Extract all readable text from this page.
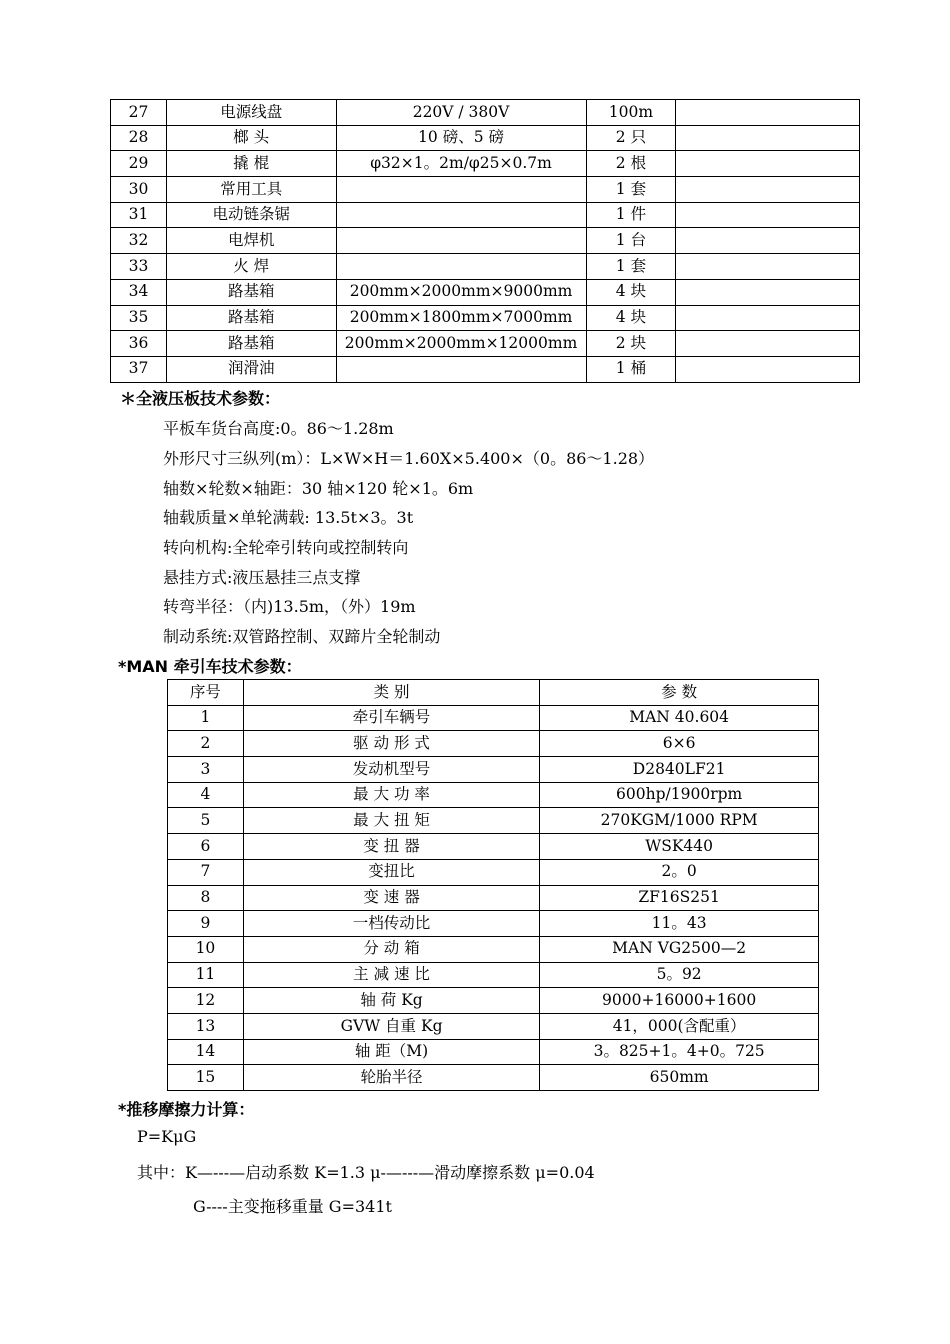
27	电源线盘	220V / 380V	100m	
28	榔 头	10 磅、5 磅	2 只	
29	撬 棍	φ32×1。2m/φ25×0.7m	2 根	
30	常用工具		1 套	
31	电动链条锯		1 件	
32	电焊机		1 台	
33	火 焊		1 套	
34	路基箱	200mm×2000mm×9000mm	4 块	
35	路基箱	200mm×1800mm×7000mm	4 块	
36	路基箱	200mm×2000mm×12000mm	2 块	
37	润滑油		1 桶	
＊全液压板技术参数：
平板车货台高度:0。86～1.28m
外形尺寸三纵列(m）：L×W×H＝1.60X×5.400×（0。86～1.28）
轴数×轮数×轴距：30 轴×120 轮×1。6m
轴载质量×单轮满载: 13.5t×3。3t
转向机构:全轮牵引转向或控制转向
悬挂方式:液压悬挂三点支撑
转弯半径：（内)13.5m，（外）19m
制动系统:双管路控制、双蹄片全轮制动
*MAN 牵引车技术参数：
序号	类 别	参 数
1	牵引车辆号	MAN 40.604
2	驱 动 形 式	6×6
3	发动机型号	D2840LF21
4	最 大 功 率	600hp/1900rpm
5	最 大 扭 矩	270KGM/1000 RPM
6	变 扭 器	WSK440
7	变扭比	2。0
8	变 速 器	ZF16S251
9	一档传动比	11。43
10	分 动 箱	MAN VG2500—2
11	主 减 速 比	5。92
12	轴 荷 Kg	9000+16000+1600
13	GVW 自重 Kg	41，000(含配重）
14	轴 距（M)	3。825+1。4+0。725
15	轮胎半径	650mm
*推移摩擦力计算：
P=KμG
其中：K—---—启动系数 K=1.3 μ-—---—滑动摩擦系数 μ=0.04
G----主变拖移重量 G=341t
